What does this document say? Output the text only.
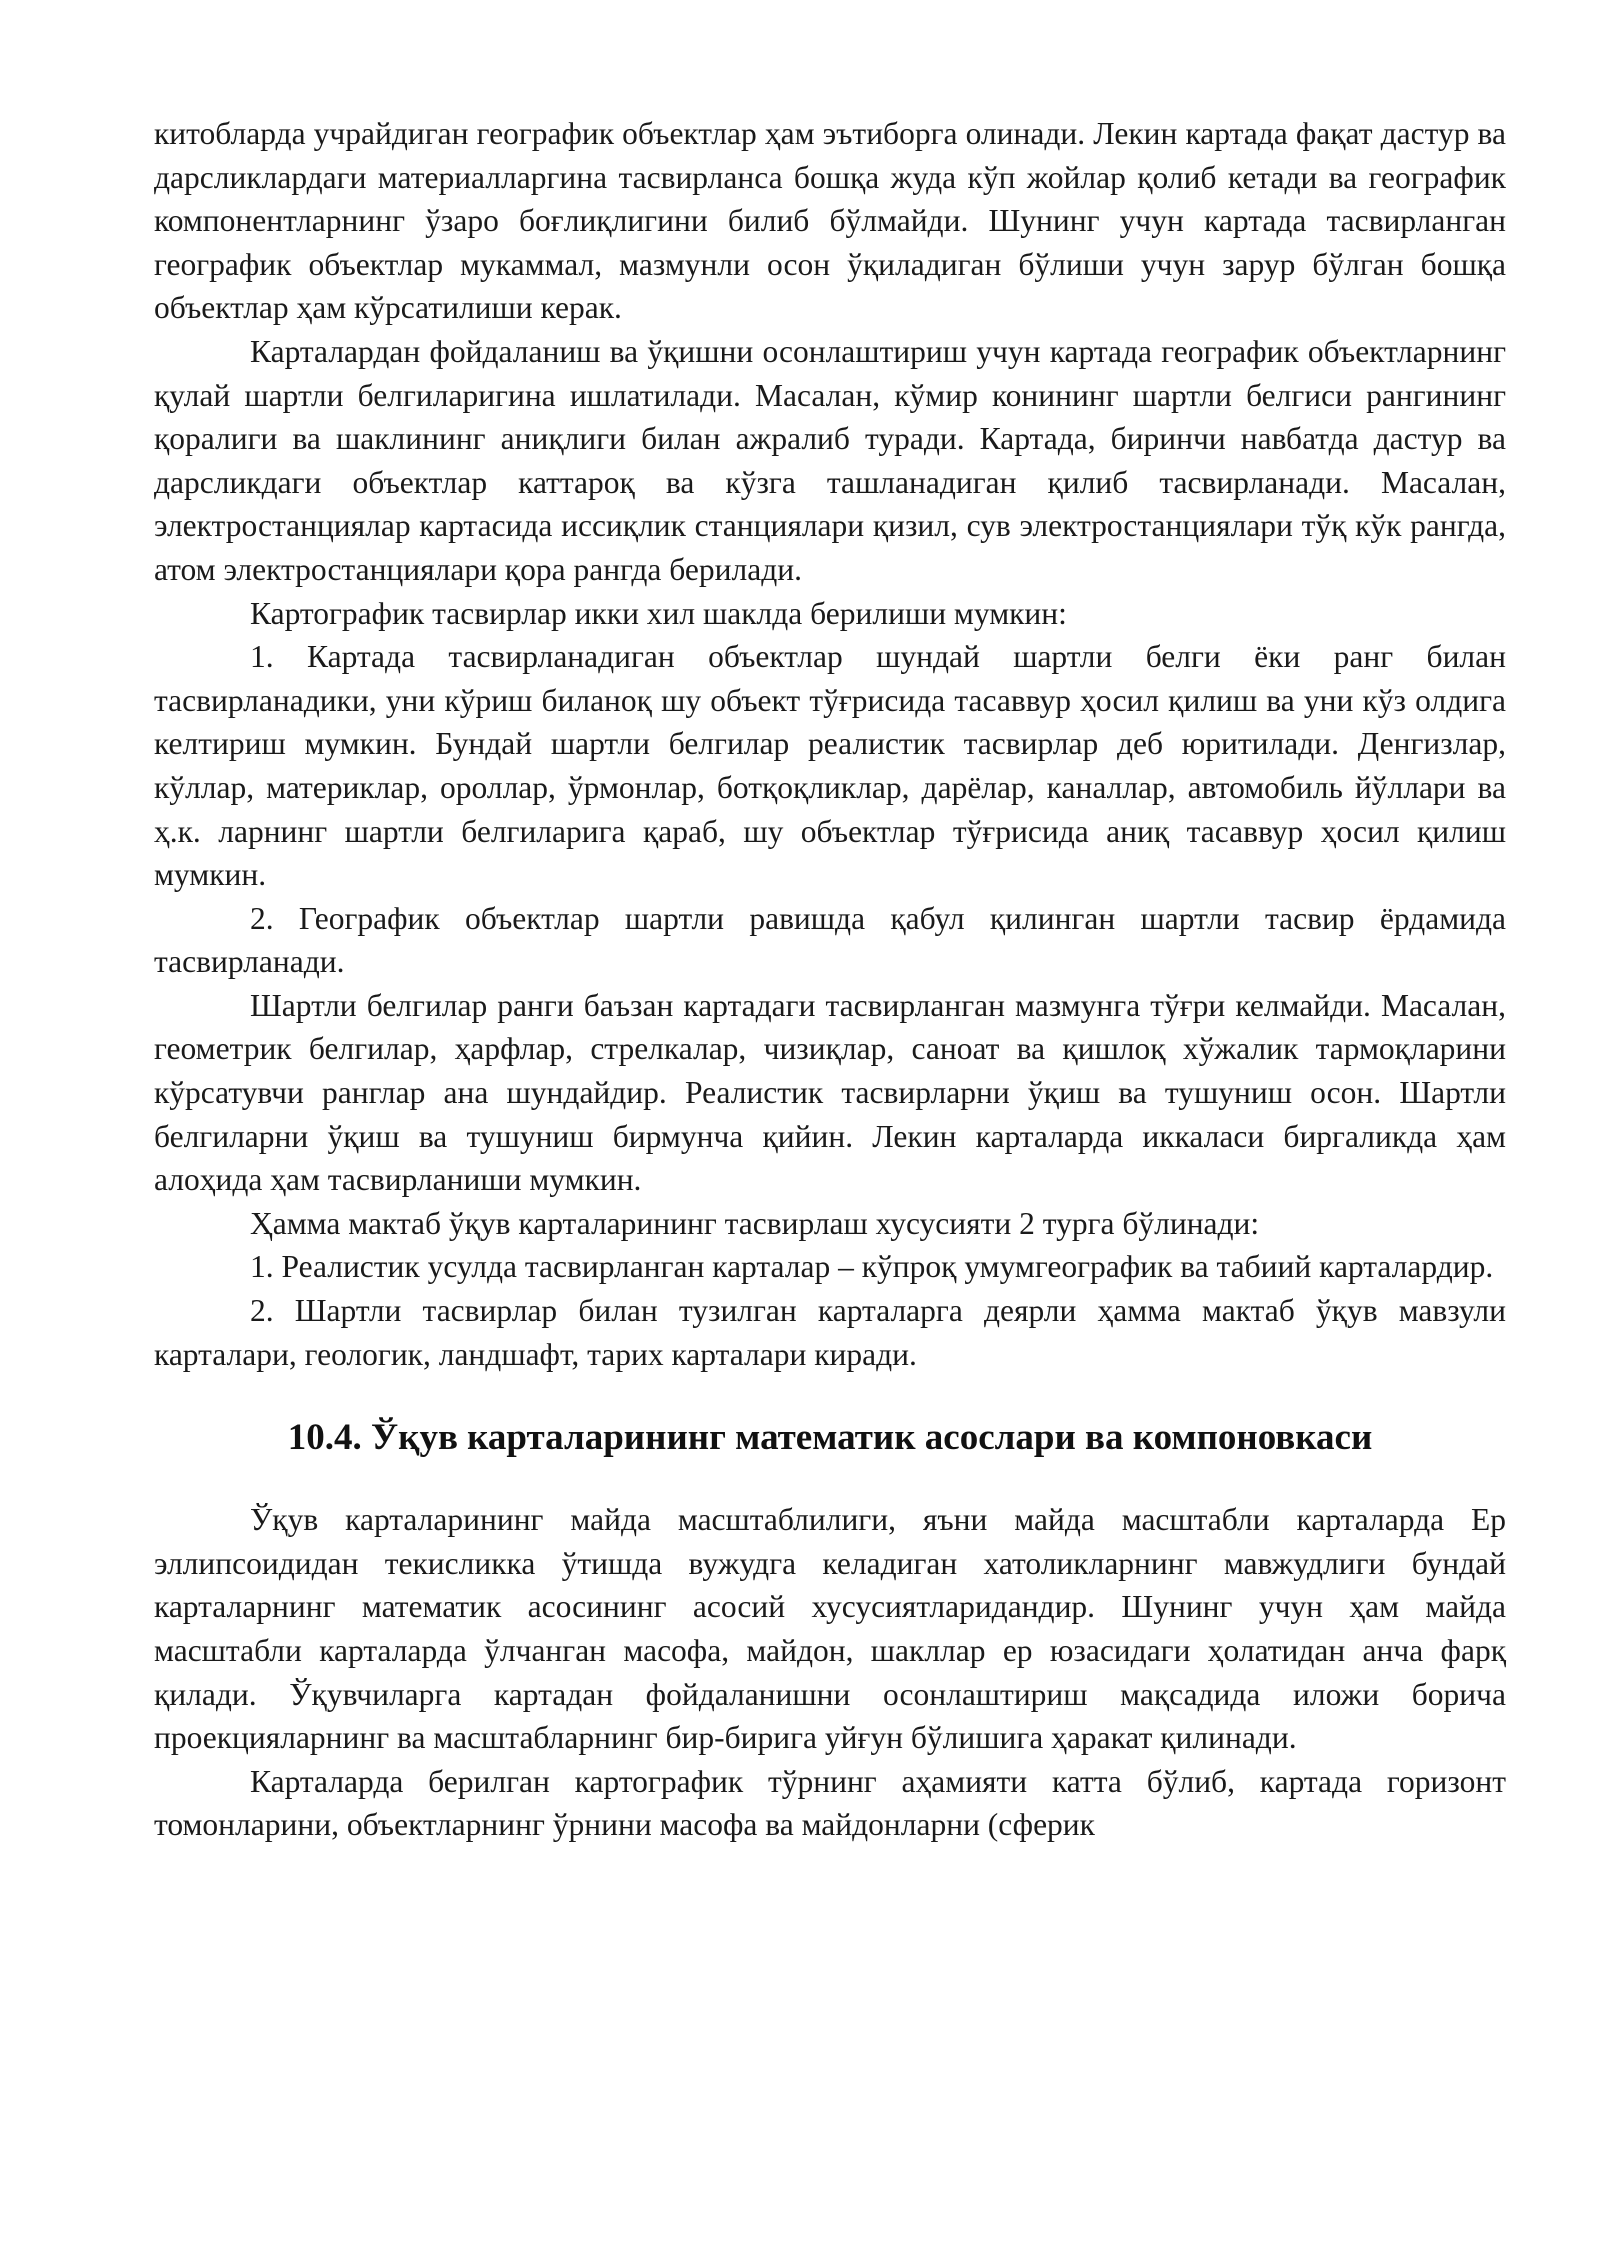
китобларда учрайдиган географик объектлар ҳам эътиборга олинади. Лекин картада фақат дастур ва дарсликлардаги материалларгина тасвирланса бошқа жуда кўп жойлар қолиб кетади ва географик компонентларнинг ўзаро боғлиқлигини билиб бўлмайди. Шунинг учун картада тасвирланган географик объектлар мукаммал, мазмунли осон ўқиладиган бўлиши учун зарур бўлган бошқа объектлар ҳам кўрсатилиши керак.

Карталардан фойдаланиш ва ўқишни осонлаштириш учун картада географик объектларнинг қулай шартли белгиларигина ишлатилади. Масалан, кўмир конининг шартли белгиси рангининг қоралиги ва шаклининг аниқлиги билан ажралиб туради. Картада, биринчи навбатда дастур ва дарсликдаги объектлар каттароқ ва кўзга ташланадиган қилиб тасвирланади. Масалан, электростанциялар картасида иссиқлик станциялари қизил, сув электростанциялари тўқ кўк рангда, атом электростанциялари қора рангда берилади.

Картографик тасвирлар икки хил шаклда берилиши мумкин:

1. Картада тасвирланадиган объектлар шундай шартли белги ёки ранг билан тасвирланадики, уни кўриш биланоқ шу объект тўғрисида тасаввур ҳосил қилиш ва уни кўз олдига келтириш мумкин. Бундай шартли белгилар реалистик тасвирлар деб юритилади. Денгизлар, кўллар, материклар, ороллар, ўрмонлар, ботқоқликлар, дарёлар, каналлар, автомобиль йўллари ва ҳ.к. ларнинг шартли белгиларига қараб, шу объектлар тўғрисида аниқ тасаввур ҳосил қилиш мумкин.

2. Географик объектлар шартли равишда қабул қилинган шартли тасвир ёрдамида тасвирланади.

Шартли белгилар ранги баъзан картадаги тасвирланган мазмунга тўғри келмайди. Масалан, геометрик белгилар, ҳарфлар, стрелкалар, чизиқлар, саноат ва қишлоқ хўжалик тармоқларини кўрсатувчи ранглар ана шундайдир. Реалистик тасвирларни ўқиш ва тушуниш осон. Шартли белгиларни ўқиш ва тушуниш бирмунча қийин. Лекин карталарда иккаласи биргаликда ҳам алоҳида ҳам тасвирланиши мумкин.

Ҳамма мактаб ўқув карталарининг тасвирлаш хусусияти 2 турга бўлинади:

1. Реалистик усулда тасвирланган карталар – кўпроқ умумгеографик ва табиий карталардир.

2. Шартли тасвирлар билан тузилган карталарга деярли ҳамма мактаб ўқув мавзули карталари, геологик, ландшафт, тарих карталари киради.

10.4. Ўқув карталарининг математик асослари ва компоновкаси

Ўқув карталарининг майда масштаблилиги, яъни майда масштабли карталарда Ер эллипсоидидан текисликка ўтишда вужудга келадиган хатоликларнинг мавжудлиги бундай карталарнинг математик асосининг асосий хусусиятларидандир. Шунинг учун ҳам майда масштабли карталарда ўлчанган масофа, майдон, шакллар ер юзасидаги ҳолатидан анча фарқ қилади. Ўқувчиларга картадан фойдаланишни осонлаштириш мақсадида иложи борича проекцияларнинг ва масштабларнинг бир-бирига уйғун бўлишига ҳаракат қилинади.

Карталарда берилган картографик тўрнинг аҳамияти катта бўлиб, картада горизонт томонларини, объектларнинг ўрнини масофа ва майдонларни (сферик
